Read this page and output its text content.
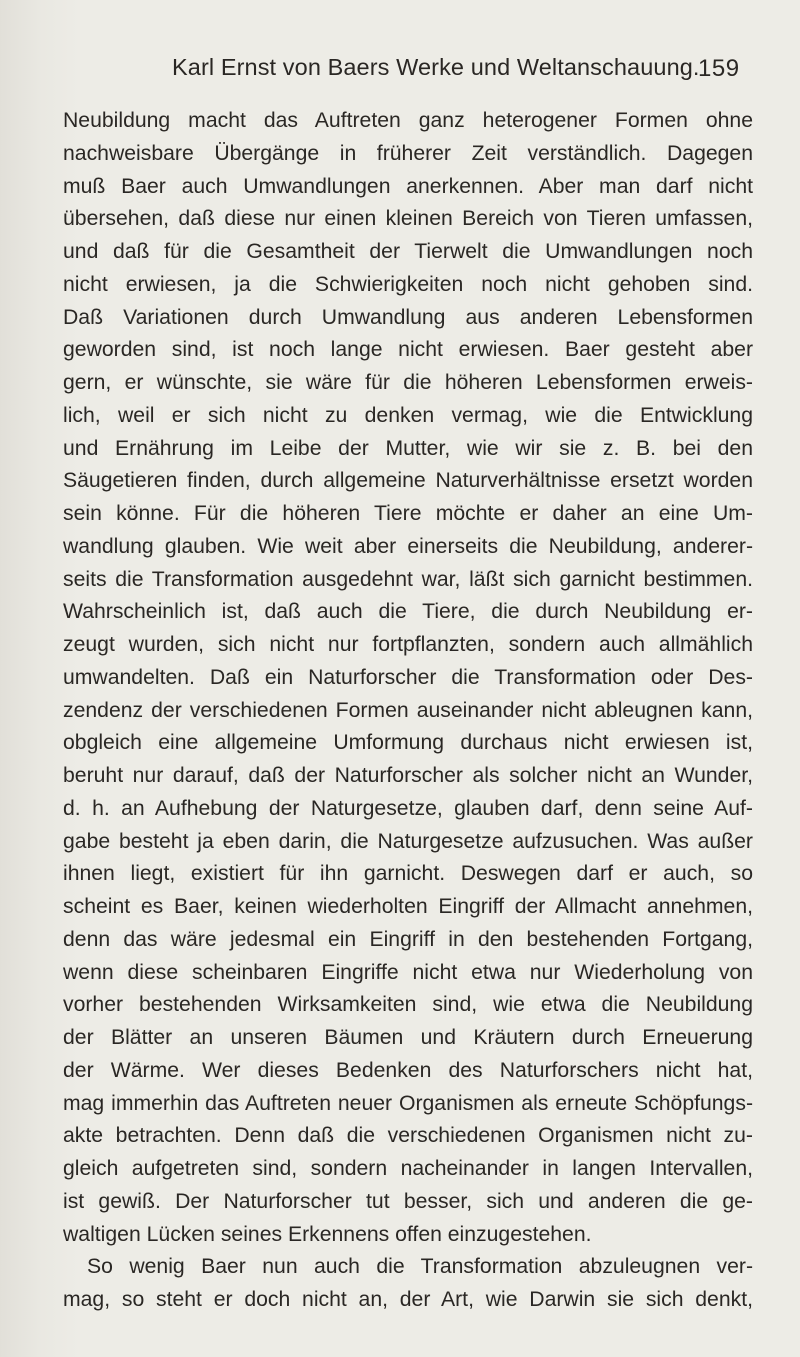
Karl Ernst von Baers Werke und Weltanschauung.
159
Neubildung macht das Auftreten ganz heterogener Formen ohne
nachweisbare Übergänge in früherer Zeit verständlich. Dagegen
muß Baer auch Umwandlungen anerkennen. Aber man darf nicht
übersehen, daß diese nur einen kleinen Bereich von Tieren umfassen,
und daß für die Gesamtheit der Tierwelt die Umwandlungen noch
nicht erwiesen, ja die Schwierigkeiten noch nicht gehoben sind.
Daß Variationen durch Umwandlung aus anderen Lebensformen
geworden sind, ist noch lange nicht erwiesen. Baer gesteht aber
gern, er wünschte, sie wäre für die höheren Lebensformen erweis-
lich, weil er sich nicht zu denken vermag, wie die Entwicklung
und Ernährung im Leibe der Mutter, wie wir sie z. B. bei den
Säugetieren finden, durch allgemeine Naturverhältnisse ersetzt worden
sein könne. Für die höheren Tiere möchte er daher an eine Um-
wandlung glauben. Wie weit aber einerseits die Neubildung, anderer-
seits die Transformation ausgedehnt war, läßt sich garnicht bestimmen.
Wahrscheinlich ist, daß auch die Tiere, die durch Neubildung er-
zeugt wurden, sich nicht nur fortpflanzten, sondern auch allmählich
umwandelten. Daß ein Naturforscher die Transformation oder Des-
zendenz der verschiedenen Formen auseinander nicht ableugnen kann,
obgleich eine allgemeine Umformung durchaus nicht erwiesen ist,
beruht nur darauf, daß der Naturforscher als solcher nicht an Wunder,
d. h. an Aufhebung der Naturgesetze, glauben darf, denn seine Auf-
gabe besteht ja eben darin, die Naturgesetze aufzusuchen. Was außer
ihnen liegt, existiert für ihn garnicht. Deswegen darf er auch, so
scheint es Baer, keinen wiederholten Eingriff der Allmacht annehmen,
denn das wäre jedesmal ein Eingriff in den bestehenden Fortgang,
wenn diese scheinbaren Eingriffe nicht etwa nur Wiederholung von
vorher bestehenden Wirksamkeiten sind, wie etwa die Neubildung
der Blätter an unseren Bäumen und Kräutern durch Erneuerung
der Wärme. Wer dieses Bedenken des Naturforschers nicht hat,
mag immerhin das Auftreten neuer Organismen als erneute Schöpfungs-
akte betrachten. Denn daß die verschiedenen Organismen nicht zu-
gleich aufgetreten sind, sondern nacheinander in langen Intervallen,
ist gewiß. Der Naturforscher tut besser, sich und anderen die ge-
waltigen Lücken seines Erkennens offen einzugestehen.
So wenig Baer nun auch die Transformation abzuleugnen ver-
mag, so steht er doch nicht an, der Art, wie Darwin sie sich denkt,
